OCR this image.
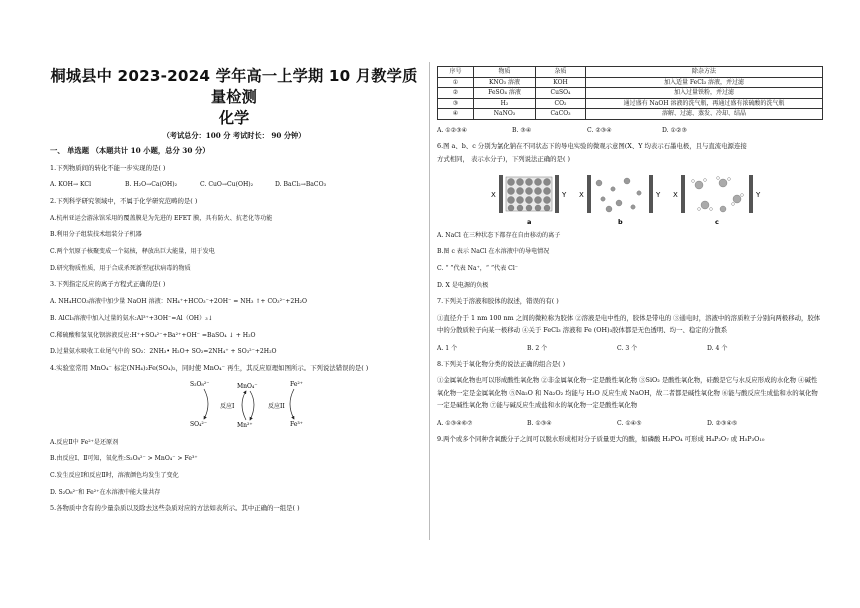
桐城县中 2023-2024 学年高一上学期 10 月教学质量检测
化学
（考试总分：100 分 考试时长： 90 分钟）
一、 单选题 （本题共计 10 小题，总分 30 分）
1.下列物质间的转化不能一步实现的是( )
A. KOH→ KCl	B. H₂O→Ca(OH)₂	C. CuO→Cu(OH)₂	D. BaCl₂→BaCO₃
2.下列科学研究领域中，不属于化学研究范畴的是( )
A.杭州亚运会游泳馆采用的覆盖膜是为先进的 EFET 膜，具有防火、抗老化等功能
B.利用分子组装技术组装分子机器
C.两个氘原子核聚变成一个氦核，释放出巨大能量，用于发电
D.研究物质性质，用于合成杀死新型冠状病毒的物质
3.下列指定反应的离子方程式正确的是( )
A. NH₄HCO₃溶液中加少量 NaOH 溶液：NH₄⁺+HCO₃⁻+2OH⁻ = NH₃ ↑+ CO₃²⁻+2H₂O
B. AlCl₃溶液中加入过量的氨水:Al³⁺+3OH⁻=Al（OH）₃↓
C.稀硫酸和氢氧化钡溶液反应:H⁺+SO₄²⁻+Ba²⁺+OH⁻ =BaSO₄ ↓ + H₂O
D.过量氨水吸收工业尾气中的 SO₂：2NH₃• H₂O+ SO₂=2NH₄⁺ + SO₃²⁻+2H₂O
4.实验室常用 MnO₄⁻ 标定(NH₄)₂Fe(SO₄)₂，同时使 MnO₄⁻ 再生，其反应原理如图所示。下列说法错误的是( )
S₂O₈²⁻
SO₄²⁻
MnO₄⁻
Mn²⁺
Fe²⁺
Fe³⁺
反应I	反应II
A.反应Ⅱ中 Fe²⁺是还原剂
B.由反应Ⅰ、Ⅱ可知，氧化性:S₂O₈²⁻ > MnO₄⁻ > Fe³⁺
C.发生反应Ⅰ和反应Ⅱ时，溶液颜色均发生了变化
D. S₂O₈²⁻和 Fe²⁺在水溶液中能大量共存
5.各物质中含有的少量杂质以及除去这些杂质对应的方法如表所示。其中正确的一组是( )
序号	物质	杂质	除杂方法
①	KNO₃ 溶液	KOH	加入适量 FeCl₃ 溶液，并过滤
②	FeSO₄ 溶液	CuSO₄	加入过量铁粉，并过滤
③	H₂	CO₂	通过盛有 NaOH 溶液的洗气瓶，再通过盛有浓硫酸的洗气瓶
④	NaNO₃	CaCO₃	溶解、过滤、蒸发、冷却、结晶
A. ①②③④	B. ③④	C. ②③④	D. ①②③
6.图 a、b、c 分别为氯化钠在不同状态下的导电实验的微观示意图(X、Y 均表示石墨电极，且与直流电源连接
方式相同， 表示水分子)，下列说法正确的是( )
X	Y
a
X	Y
b
X	Y
c
A. NaCl 在三种状态下都存在自由移动的离子
B.图 c 表示 NaCl 在水溶液中的导电情况
C. “ ”代表 Na⁺，“ ”代表 Cl⁻
D. X 是电源的负极
7.下列关于溶液和胶体的叙述，错误的有( )
①直径介于 1 nm 100 nm 之间的微粒称为胶体 ②溶液是电中性的，胶体是带电的 ③通电时，溶液中的溶质粒子分别向两极移动，胶体中的分散质粒子向某一极移动 ④关于 FeCl₃ 溶液和 Fe (OH)₃胶体都是无色透明、均一、稳定的分散系
A. 1 个	B. 2 个	C. 3 个	D. 4 个
8.下列关于氧化物分类的说法正确的组合是( )
①金属氧化物也可以形成酸性氧化物 ②非金属氧化物一定是酸性氧化物 ③SiO₂ 是酸性氧化物，硅酸是它与水反应形成的水化物 ④碱性氧化物一定是金属氧化物 ⑤Na₂O 和 Na₂O₂ 均能与 H₂O 反应生成 NaOH，故二者都是碱性氧化物 ⑥能与酸反应生成盐和水的氧化物一定是碱性氧化物 ⑦能与碱反应生成盐和水的氧化物一定是酸性氧化物
A. ①③④⑥⑦	B. ①③④	C. ①④⑤	D. ②③④⑤
9.两个或多个同种含氧酸分子之间可以脱水形成相对分子质量更大的酸，如磷酸 H₃PO₄ 可形成 H₄P₂O₇ 或 H₅P₃O₁₀
